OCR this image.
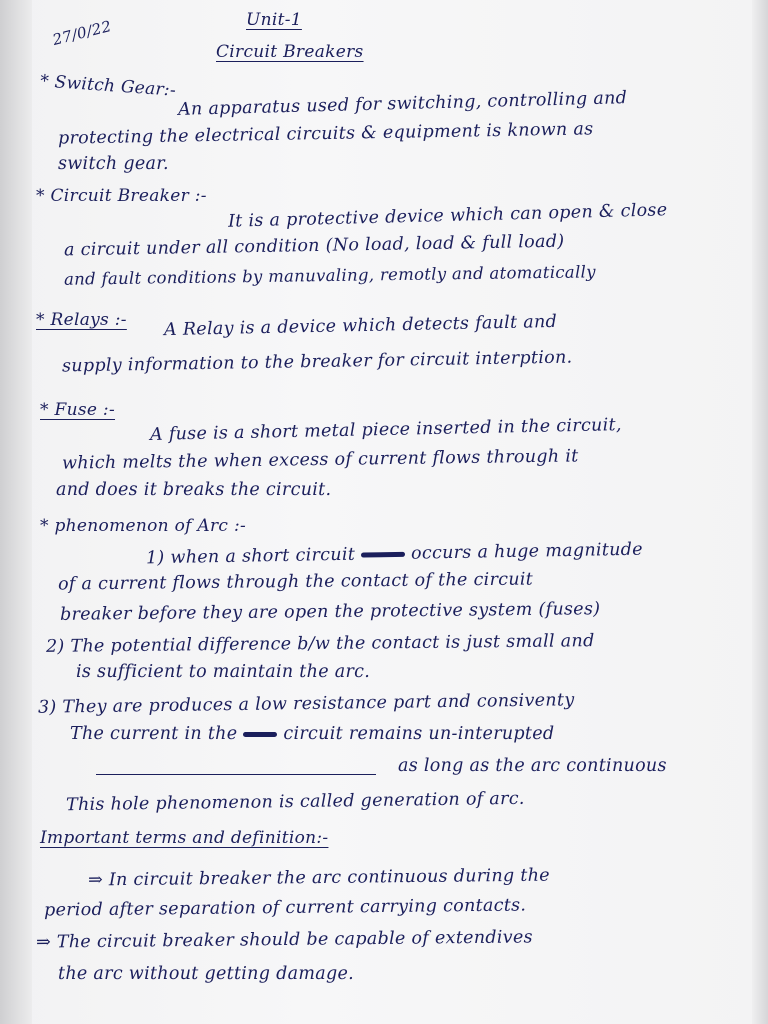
27/0/22	Unit-1
Circuit Breakers
* Switch Gear:-
An apparatus used for switching, controlling and
protecting the electrical circuits & equipment is known as
switch gear.
* Circuit Breaker :-
It is a protective device which can open & close
a circuit under all condition (No load, load & full load)
and fault conditions by manuvaling, remotly and atomatically
* Relays :- A Relay is a device which detects fault and
supply information to the breaker for circuit interption.
* Fuse :-
A fuse is a short metal piece inserted in the circuit,
which melts the when excess of current flows through it
and does it breaks the circuit.
* phenomenon of Arc :-
1) when a short circuit	occurs a huge magnitude
of a current flows through the contact of the circuit
breaker before they are open the protective system (fuses)
2) The potential difference b/w the contact is just small and
is sufficient to maintain the arc.
3) They are produces a low resistance part and consiventy
The current in the	circuit remains un-interupted
as long as the arc continuous
This hole phenomenon is called generation of arc.
Important terms and definition:-
⇒ In circuit breaker the arc continuous during the
period after separation of current carrying contacts.
⇒ The circuit breaker should be capable of extendives
the arc without getting damage.
